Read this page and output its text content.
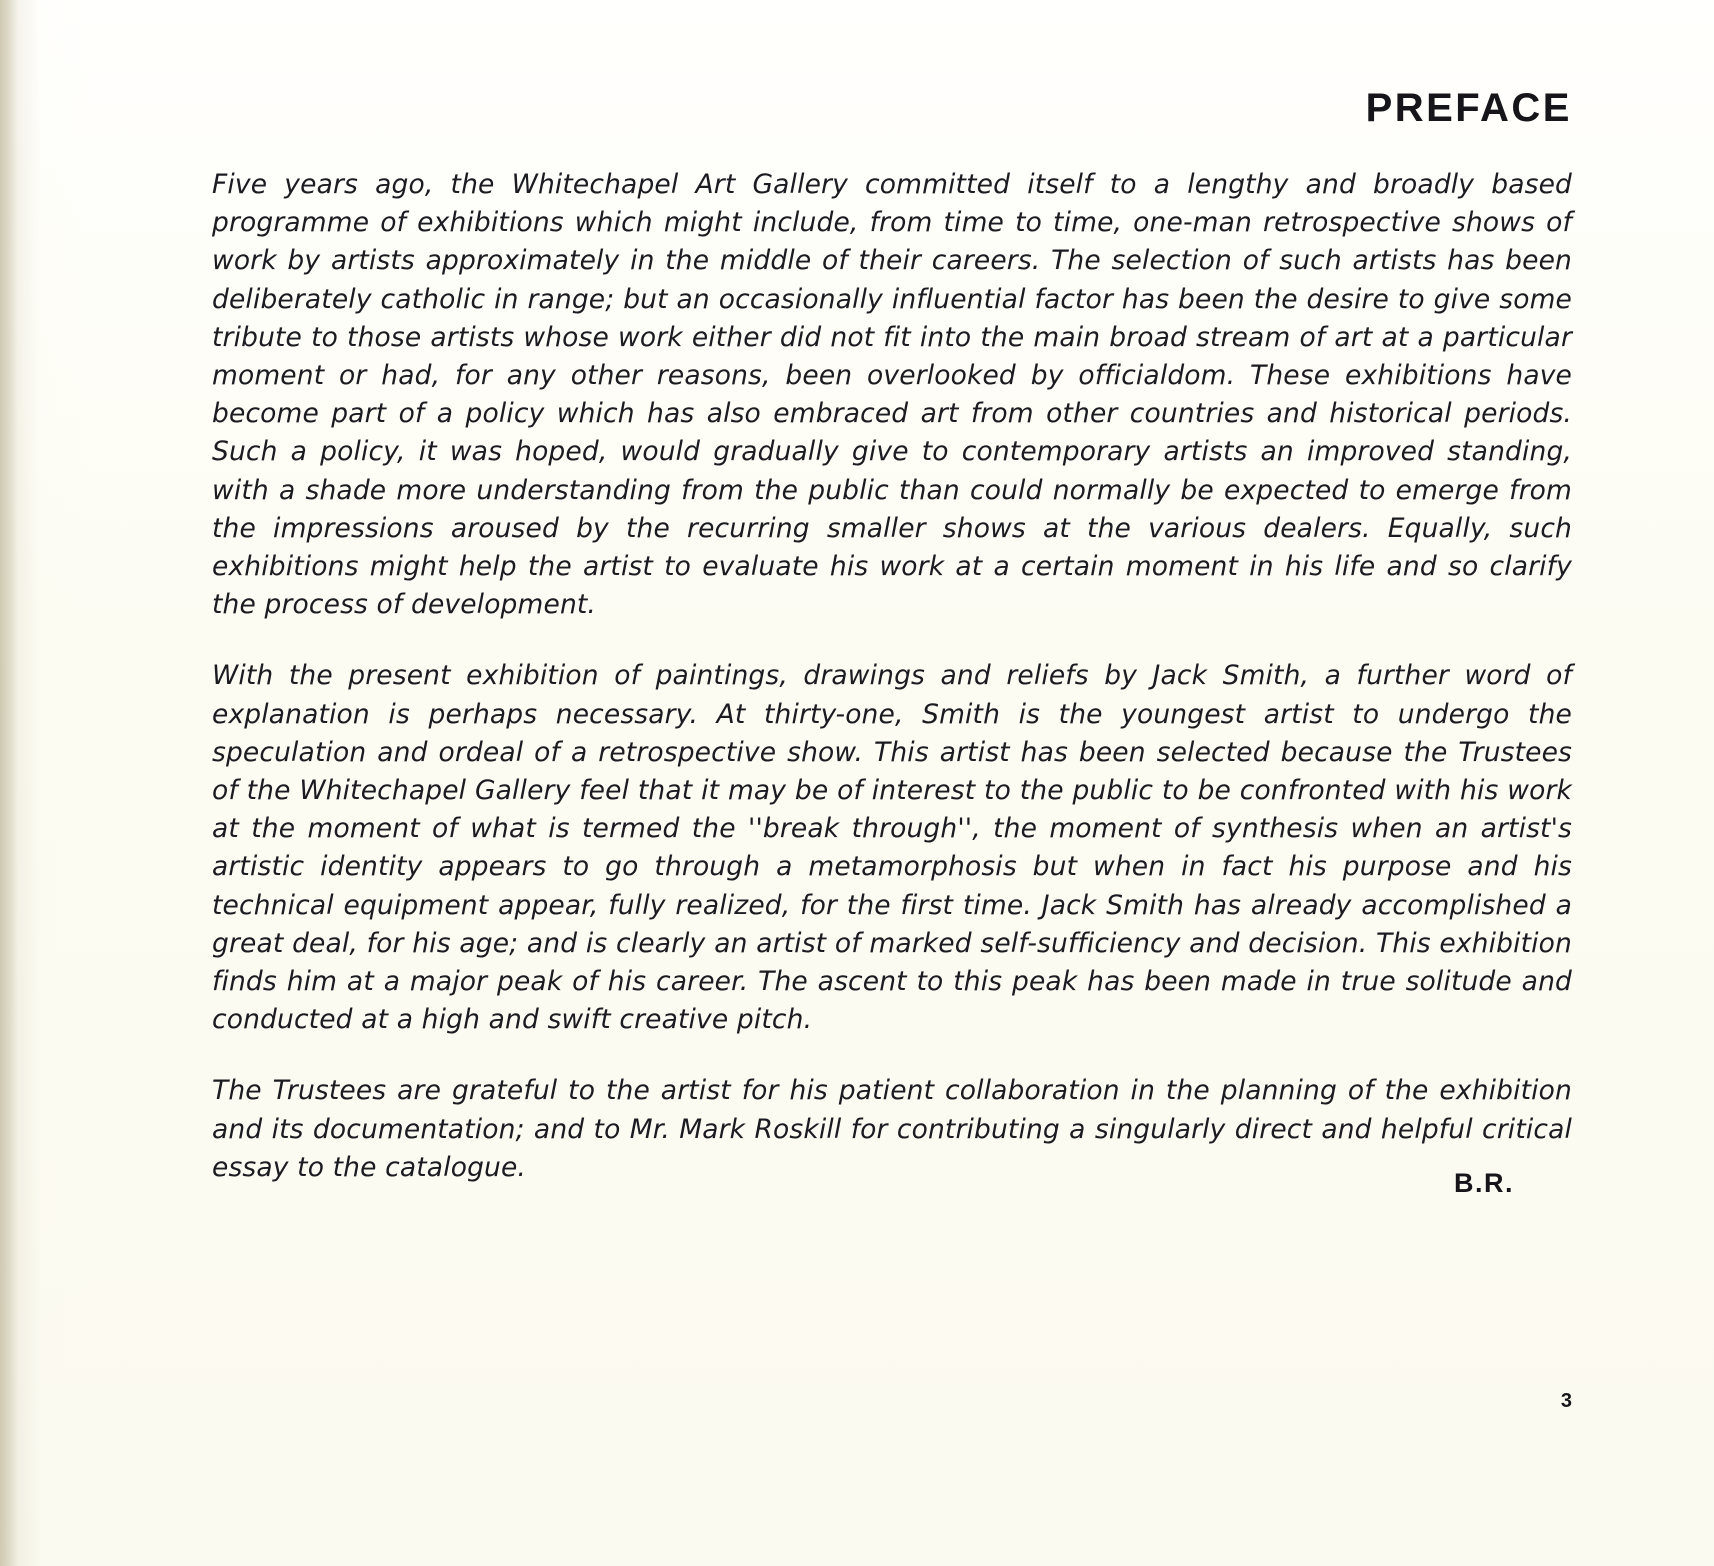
PREFACE

Five years ago, the Whitechapel Art Gallery committed itself to a lengthy and broadly based programme of exhibitions which might include, from time to time, one-man retrospective shows of work by artists approximately in the middle of their careers. The selection of such artists has been deliberately catholic in range; but an occasionally influential factor has been the desire to give some tribute to those artists whose work either did not fit into the main broad stream of art at a particular moment or had, for any other reasons, been overlooked by officialdom. These exhibitions have become part of a policy which has also embraced art from other countries and historical periods. Such a policy, it was hoped, would gradually give to contemporary artists an improved standing, with a shade more understanding from the public than could normally be expected to emerge from the impressions aroused by the recurring smaller shows at the various dealers. Equally, such exhibitions might help the artist to evaluate his work at a certain moment in his life and so clarify the process of development.

With the present exhibition of paintings, drawings and reliefs by Jack Smith, a further word of explanation is perhaps necessary. At thirty-one, Smith is the youngest artist to undergo the speculation and ordeal of a retrospective show. This artist has been selected because the Trustees of the Whitechapel Gallery feel that it may be of interest to the public to be confronted with his work at the moment of what is termed the ''break through'', the moment of synthesis when an artist's artistic identity appears to go through a metamorphosis but when in fact his purpose and his technical equipment appear, fully realized, for the first time. Jack Smith has already accomplished a great deal, for his age; and is clearly an artist of marked self-sufficiency and decision. This exhibition finds him at a major peak of his career. The ascent to this peak has been made in true solitude and conducted at a high and swift creative pitch.

The Trustees are grateful to the artist for his patient collaboration in the planning of the exhibition and its documentation; and to Mr. Mark Roskill for contributing a singularly direct and helpful critical essay to the catalogue.

B.R.
3
